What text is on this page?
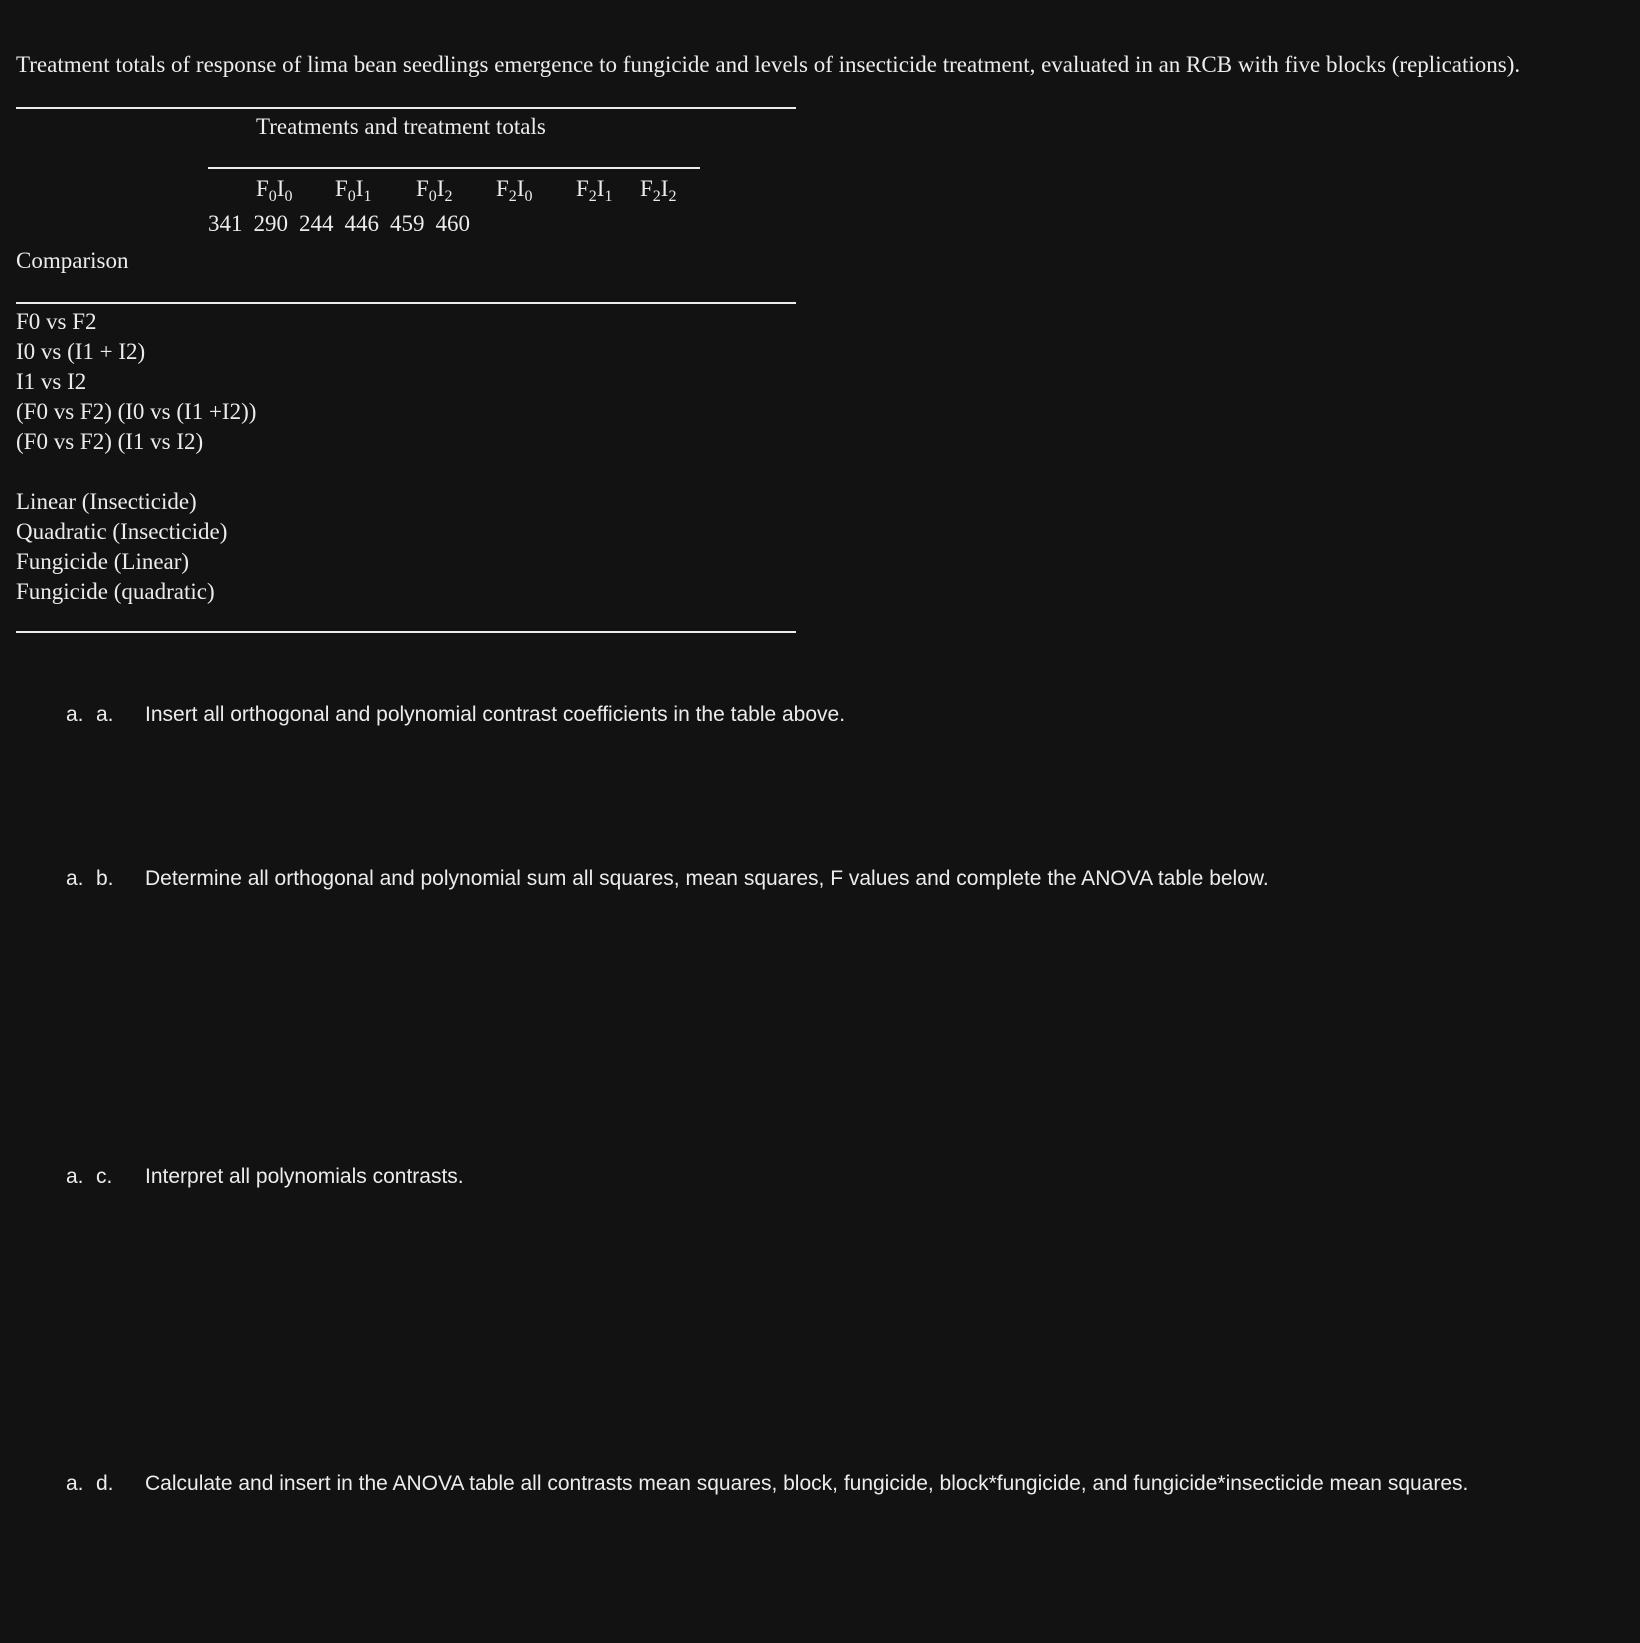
Treatment totals of response of lima bean seedlings emergence to fungicide and levels of insecticide treatment, evaluated in an RCB with five blocks (replications).
Treatments and treatment totals
$F_0I_0$ $F_0I_1$ $F_0I_2$ $F_2I_0$ $F_2I_1$ $F_2I_2$
341 290 244 446 459 460
Comparison
F0 vs F2
I0 vs (I1 + I2)
I1 vs I2
(F0 vs F2) (I0 vs (I1 +I2))
(F0 vs F2) (I1 vs I2)
Linear (Insecticide)
Quadratic (Insecticide)
Fungicide (Linear)
Fungicide (quadratic)
a. a.	Insert all orthogonal and polynomial contrast coefficients in the table above.
a. b.	Determine all orthogonal and polynomial sum all squares, mean squares, F values and complete the ANOVA table below.
a. c.	Interpret all polynomials contrasts.
a. d.	Calculate and insert in the ANOVA table all contrasts mean squares, block, fungicide, block*fungicide, and fungicide*insecticide mean squares.
